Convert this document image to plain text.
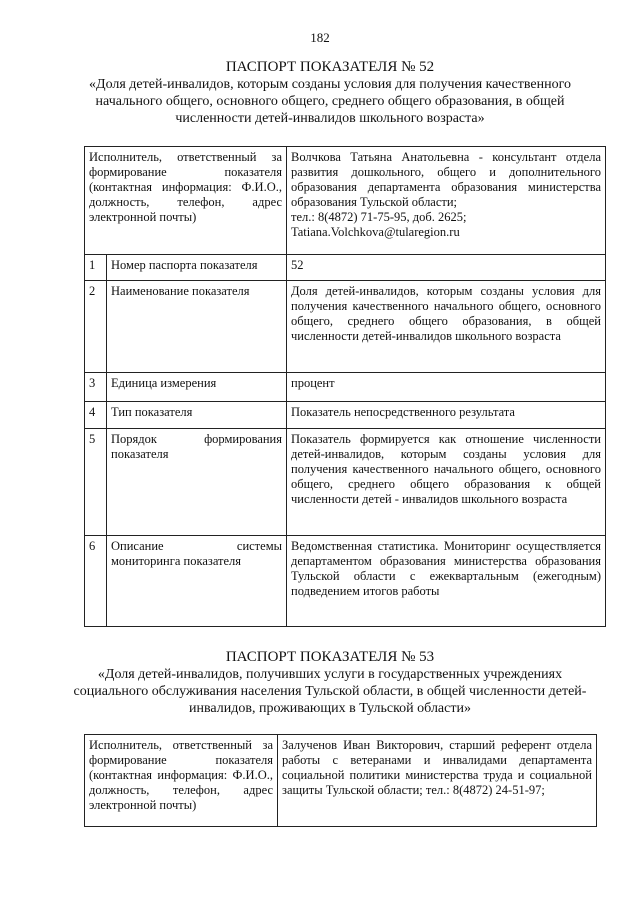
182
ПАСПОРТ ПОКАЗАТЕЛЯ № 52
«Доля детей-инвалидов, которым созданы условия для получения качественного начального общего, основного общего, среднего общего образования, в общей численности детей-инвалидов школьного возраста»
Исполнитель, ответственный за формирование показателя (контактная информация: Ф.И.О., должность, телефон, адрес электронной почты)		Волчкова Татьяна Анатольевна - консультант отдела развития дошкольного, общего и дополнительного образования департамента образования министерства образования Тульской области;
тел.: 8(4872) 71-75-95, доб. 2625;
Tatiana.Volchkova@tularegion.ru
1	Номер паспорта показателя	52
2	Наименование показателя	Доля детей-инвалидов, которым созданы условия для получения качественного начального общего, основного общего, среднего общего образования, в общей численности детей-инвалидов школьного возраста
3	Единица измерения	процент
4	Тип показателя	Показатель непосредственного результата
5	Порядок формирования показателя	Показатель формируется как отношение численности детей-инвалидов, которым созданы условия для получения качественного начального общего, основного общего, среднего общего образования к общей численности детей - инвалидов школьного возраста
6	Описание системы мониторинга показателя	Ведомственная статистика. Мониторинг осуществляется департаментом образования министерства образования Тульской области с ежеквартальным (ежегодным) подведением итогов работы
ПАСПОРТ ПОКАЗАТЕЛЯ № 53
«Доля детей-инвалидов, получивших услуги в государственных учреждениях социального обслуживания населения Тульской области, в общей численности детей-инвалидов, проживающих в Тульской области»
Исполнитель, ответственный за формирование показателя (контактная информация: Ф.И.О., должность, телефон, адрес электронной почты)	Залученов Иван Викторович, старший референт отдела работы с ветеранами и инвалидами департамента социальной политики министерства труда и социальной защиты Тульской области; тел.: 8(4872) 24-51-97;
